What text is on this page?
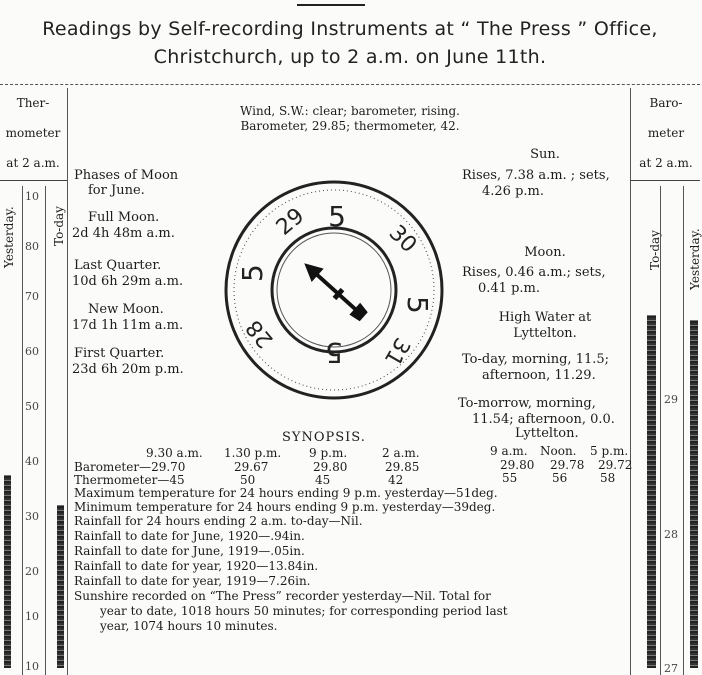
Readings by Self-recording Instruments at “ The Press ” Office,
Christchurch, up to 2 a.m. on June 11th.
Ther-
mometer
at 2 a.m.
Yesterday.	To-day
10
80
70
60
50
40
30
20
10
10
Baro-
meter
at 2 a.m.
To-day Yesterday.
29
28
27
Wind, S.W.: clear; barometer, rising.
Barometer, 29.85; thermometer, 42.
Phases of Moon
for June.
Full Moon.
2d 4h 48m a.m.
Last Quarter.
10d 6h 29m a.m.
New Moon.
17d 1h 11m a.m.
First Quarter.
23d 6h 20m p.m.
29 5
30
5
31
5
28
5
Sun.
Rises, 7.38 a.m. ; sets,
4.26 p.m.
Moon.
Rises, 0.46 a.m.; sets,
0.41 p.m.
High Water at
Lyttelton.
To-day, morning, 11.5;
afternoon, 11.29.
To-morrow, morning,
11.54; afternoon, 0.0.
SYNOPSIS.	Lyttelton.
9.30 a.m. 1.30 p.m. 9 p.m.	2 a.m.	9 a.m. Noon. 5 p.m.
Barometer—29.70	29.67	29.80	29.85	29.80 29.78 29.72
Thermometer—45	50	45	42	55	56	58
Maximum temperature for 24 hours ending 9 p.m. yesterday—51deg.
Minimum temperature for 24 hours ending 9 p.m. yesterday—39deg.
Rainfall for 24 hours ending 2 a.m. to-day—Nil.
Rainfall to date for June, 1920—.94in.
Rainfall to date for June, 1919—.05in.
Rainfall to date for year, 1920—13.84in.
Rainfall to date for year, 1919—7.26in.
Sunshire recorded on “The Press” recorder yesterday—Nil. Total for
year to date, 1018 hours 50 minutes; for corresponding period last
year, 1074 hours 10 minutes.
